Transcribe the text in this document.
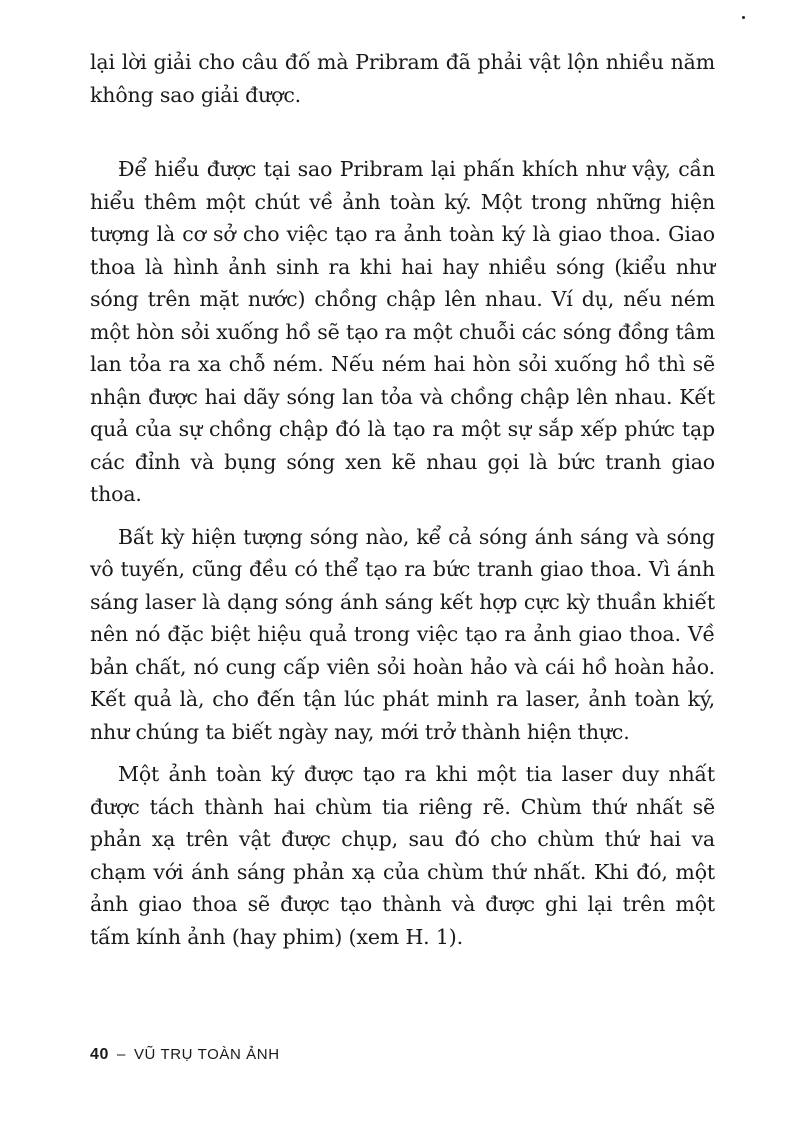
lại lời giải cho câu đố mà Pribram đã phải vật lộn nhiều năm không sao giải được.

Để hiểu được tại sao Pribram lại phấn khích như vậy, cần hiểu thêm một chút về ảnh toàn ký. Một trong những hiện tượng là cơ sở cho việc tạo ra ảnh toàn ký là giao thoa. Giao thoa là hình ảnh sinh ra khi hai hay nhiều sóng (kiểu như sóng trên mặt nước) chồng chập lên nhau. Ví dụ, nếu ném một hòn sỏi xuống hồ sẽ tạo ra một chuỗi các sóng đồng tâm lan tỏa ra xa chỗ ném. Nếu ném hai hòn sỏi xuống hồ thì sẽ nhận được hai dãy sóng lan tỏa và chồng chập lên nhau. Kết quả của sự chồng chập đó là tạo ra một sự sắp xếp phức tạp các đỉnh và bụng sóng xen kẽ nhau gọi là bức tranh giao thoa.

Bất kỳ hiện tượng sóng nào, kể cả sóng ánh sáng và sóng vô tuyến, cũng đều có thể tạo ra bức tranh giao thoa. Vì ánh sáng laser là dạng sóng ánh sáng kết hợp cực kỳ thuần khiết nên nó đặc biệt hiệu quả trong việc tạo ra ảnh giao thoa. Về bản chất, nó cung cấp viên sỏi hoàn hảo và cái hồ hoàn hảo. Kết quả là, cho đến tận lúc phát minh ra laser, ảnh toàn ký, như chúng ta biết ngày nay, mới trở thành hiện thực.

Một ảnh toàn ký được tạo ra khi một tia laser duy nhất được tách thành hai chùm tia riêng rẽ. Chùm thứ nhất sẽ phản xạ trên vật được chụp, sau đó cho chùm thứ hai va chạm với ánh sáng phản xạ của chùm thứ nhất. Khi đó, một ảnh giao thoa sẽ được tạo thành và được ghi lại trên một tấm kính ảnh (hay phim) (xem H. 1).

40 – VŨ TRỤ TOÀN ẢNH
